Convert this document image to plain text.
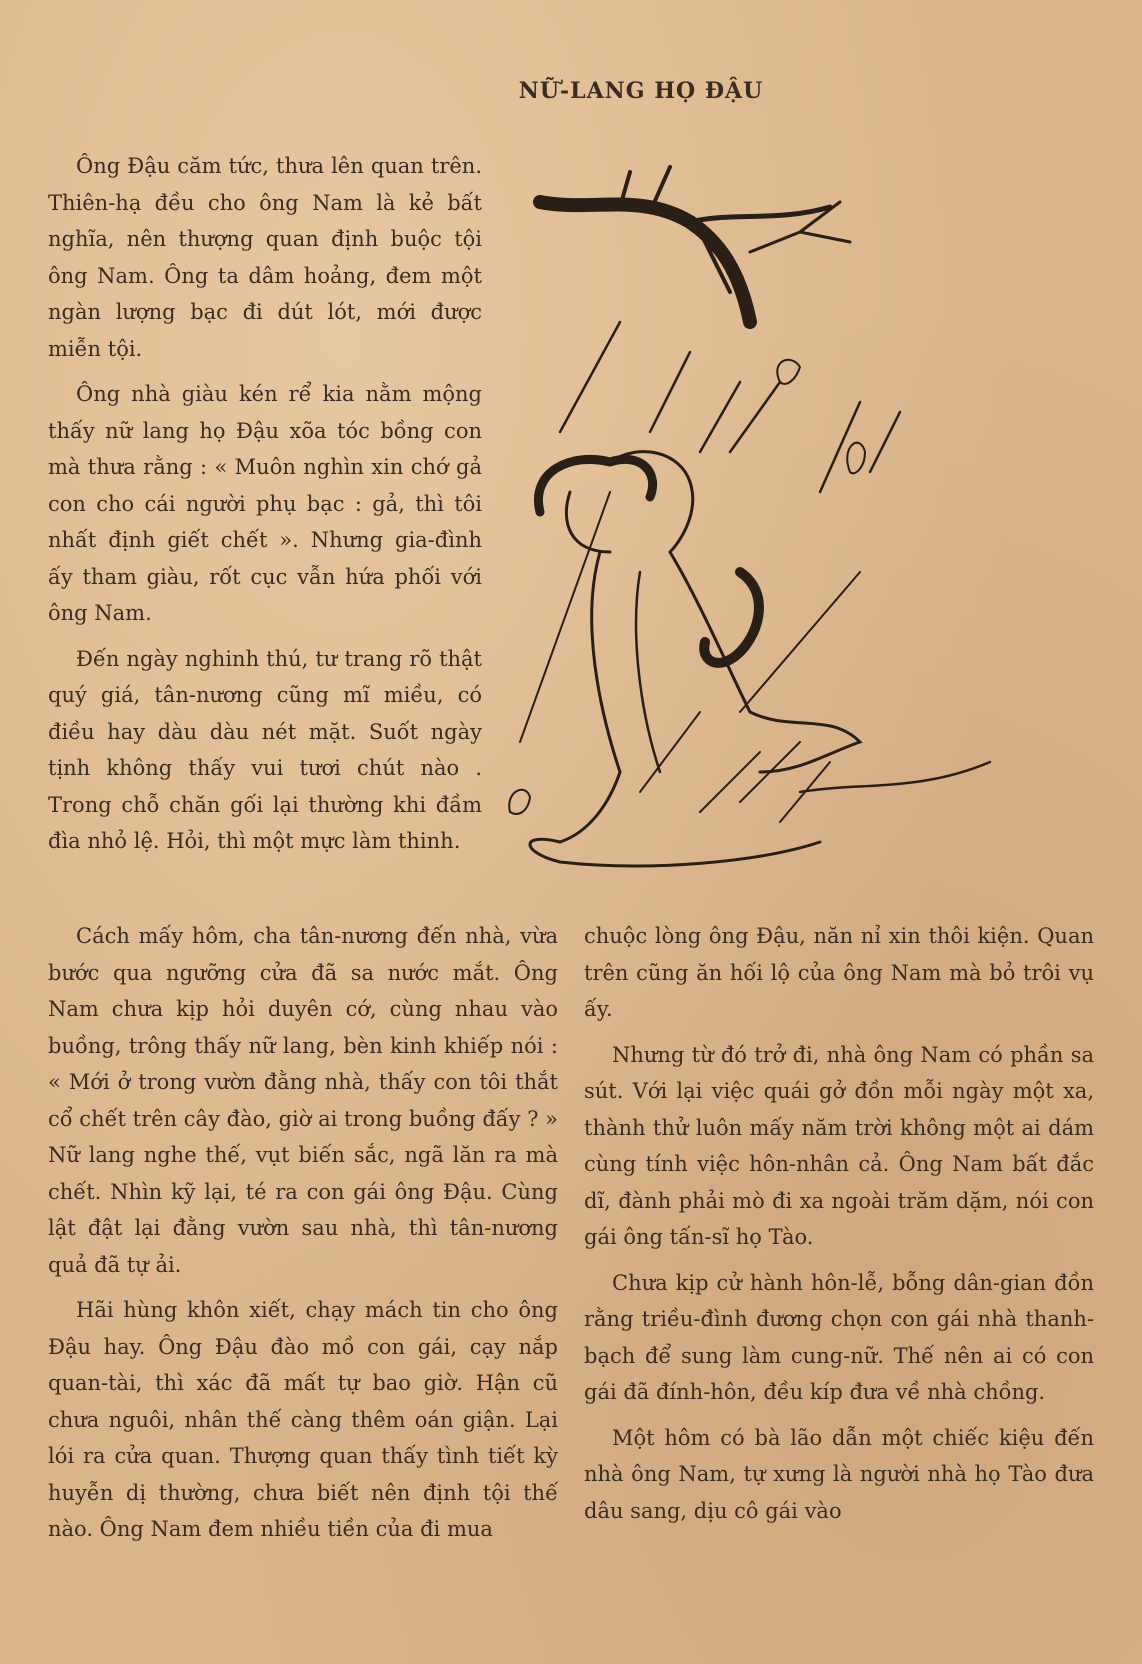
NỮ-LANG HỌ ĐẬU

Ông Đậu căm tức, thưa lên quan trên. Thiên-hạ đều cho ông Nam là kẻ bất nghĩa, nên thượng quan định buộc tội ông Nam. Ông ta dâm hoảng, đem một ngàn lượng bạc đi dút lót, mới được miễn tội.

Ông nhà giàu kén rể kia nằm mộng thấy nữ lang họ Đậu xõa tóc bồng con mà thưa rằng : « Muôn nghìn xin chớ gả con cho cái người phụ bạc : gả, thì tôi nhất định giết chết ». Nhưng gia-đình ấy tham giàu, rốt cục vẫn hứa phối với ông Nam.

Đến ngày nghinh thú, tư trang rõ thật quý giá, tân-nương cũng mĩ miều, có điều hay dàu dàu nét mặt. Suốt ngày tịnh không thấy vui tươi chút nào . Trong chỗ chăn gối lại thường khi đầm đìa nhỏ lệ. Hỏi, thì một mực làm thinh.

Cách mấy hôm, cha tân-nương đến nhà, vừa bước qua ngưỡng cửa đã sa nước mắt. Ông Nam chưa kịp hỏi duyên cớ, cùng nhau vào buồng, trông thấy nữ lang, bèn kinh khiếp nói : « Mới ở trong vườn đằng nhà, thấy con tôi thắt cổ chết trên cây đào, giờ ai trong buồng đấy ? » Nữ lang nghe thế, vụt biến sắc, ngã lăn ra mà chết. Nhìn kỹ lại, té ra con gái ông Đậu. Cùng lật đật lại đằng vườn sau nhà, thì tân-nương quả đã tự ải.

Hãi hùng khôn xiết, chạy mách tin cho ông Đậu hay. Ông Đậu đào mồ con gái, cạy nắp quan-tài, thì xác đã mất tự bao giờ. Hận cũ chưa nguôi, nhân thế càng thêm oán giận. Lại lói ra cửa quan. Thượng quan thấy tình tiết kỳ huyễn dị thường, chưa biết nên định tội thế nào. Ông Nam đem nhiều tiền của đi mua

chuộc lòng ông Đậu, năn nỉ xin thôi kiện. Quan trên cũng ăn hối lộ của ông Nam mà bỏ trôi vụ ấy.

Nhưng từ đó trở đi, nhà ông Nam có phần sa sút. Với lại việc quái gở đồn mỗi ngày một xa, thành thử luôn mấy năm trời không một ai dám cùng tính việc hôn-nhân cả. Ông Nam bất đắc dĩ, đành phải mò đi xa ngoài trăm dặm, nói con gái ông tấn-sĩ họ Tào.

Chưa kịp cử hành hôn-lễ, bỗng dân-gian đồn rằng triều-đình đương chọn con gái nhà thanh-bạch để sung làm cung-nữ. Thế nên ai có con gái đã đính-hôn, đều kíp đưa về nhà chồng.

Một hôm có bà lão dẫn một chiếc kiệu đến nhà ông Nam, tự xưng là người nhà họ Tào đưa dâu sang, dịu cô gái vào
